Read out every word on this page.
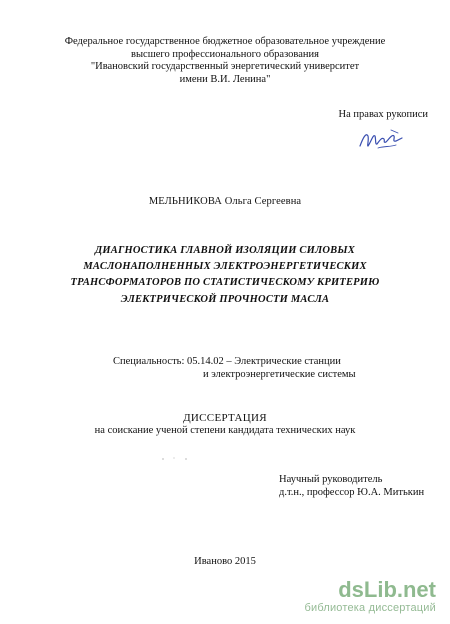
Федеральное государственное бюджетное образовательное учреждение
высшего профессионального образования
"Ивановский государственный энергетический университет
имени В.И. Ленина"
На правах рукописи
МЕЛЬНИКОВА Ольга Сергеевна
ДИАГНОСТИКА ГЛАВНОЙ ИЗОЛЯЦИИ СИЛОВЫХ
МАСЛОНАПОЛНЕННЫХ ЭЛЕКТРОЭНЕРГЕТИЧЕСКИХ
ТРАНСФОРМАТОРОВ ПО СТАТИСТИЧЕСКОМУ КРИТЕРИЮ
ЭЛЕКТРИЧЕСКОЙ ПРОЧНОСТИ МАСЛА
Специальность: 05.14.02 – Электрические станции
и электроэнергетические системы
ДИССЕРТАЦИЯ
на соискание ученой степени кандидата технических наук
Научный руководитель
д.т.н., профессор Ю.А. Митькин
Иваново 2015
dsLib.net
библиотека диссертаций
